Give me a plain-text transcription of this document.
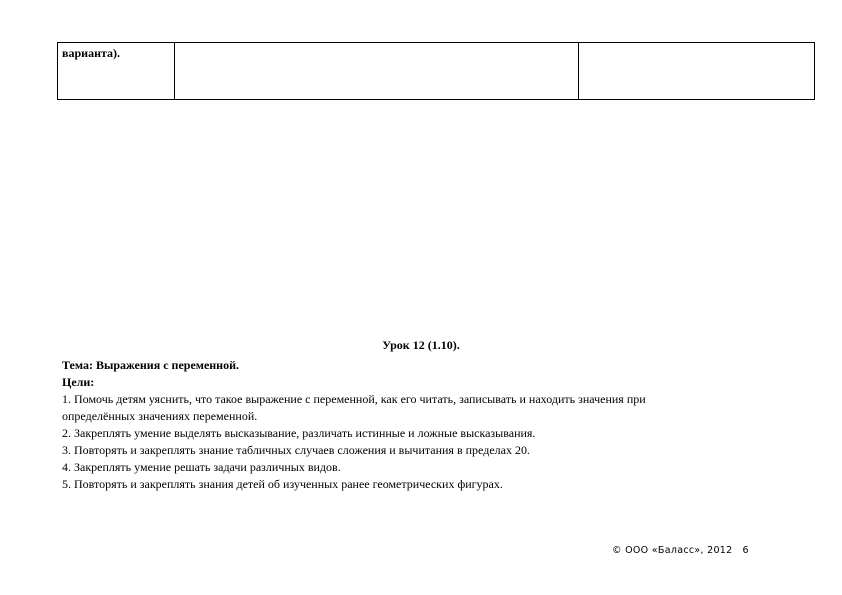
варианта).		
Урок 12 (1.10).
Тема: Выражения с переменной.
Цели:

1. Помочь детям уяснить, что такое выражение с переменной, как его читать, записывать и находить значения при

определённых значениях переменной.

2. Закреплять умение выделять высказывание, различать истинные и ложные высказывания.

3. Повторять и закреплять знание табличных случаев сложения и вычитания в пределах 20.

4. Закреплять умение решать задачи различных видов.

5. Повторять и закреплять знания детей об изученных ранее геометрических фигурах.

© ООО «Баласс», 2012 6
